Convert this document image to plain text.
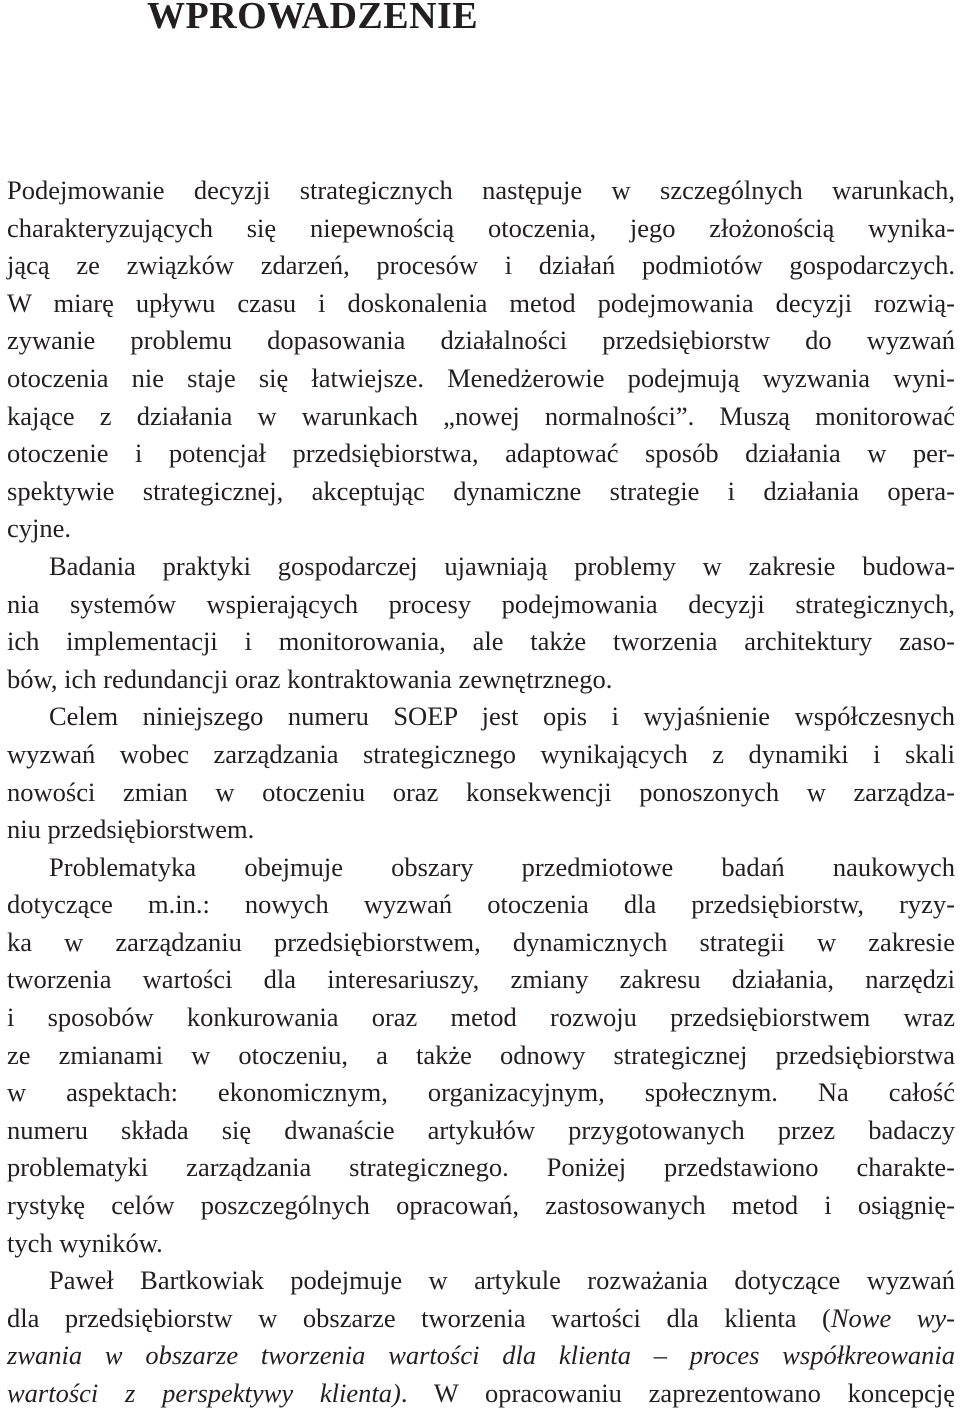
WPROWADZENIE

Podejmowanie decyzji strategicznych następuje w szczególnych warunkach,
charakteryzujących się niepewnością otoczenia, jego złożonością wynika-
jącą ze związków zdarzeń, procesów i działań podmiotów gospodarczych.
W miarę upływu czasu i doskonalenia metod podejmowania decyzji rozwią-
zywanie problemu dopasowania działalności przedsiębiorstw do wyzwań
otoczenia nie staje się łatwiejsze. Menedżerowie podejmują wyzwania wyni-
kające z działania w warunkach „nowej normalności”. Muszą monitorować
otoczenie i potencjał przedsiębiorstwa, adaptować sposób działania w per-
spektywie strategicznej, akceptując dynamiczne strategie i działania opera-
cyjne.

Badania praktyki gospodarczej ujawniają problemy w zakresie budowa-
nia systemów wspierających procesy podejmowania decyzji strategicznych,
ich implementacji i monitorowania, ale także tworzenia architektury zaso-
bów, ich redundancji oraz kontraktowania zewnętrznego.

Celem niniejszego numeru SOEP jest opis i wyjaśnienie współczesnych
wyzwań wobec zarządzania strategicznego wynikających z dynamiki i skali
nowości zmian w otoczeniu oraz konsekwencji ponoszonych w zarządza-
niu przedsiębiorstwem.

Problematyka obejmuje obszary przedmiotowe badań naukowych
dotyczące m.in.: nowych wyzwań otoczenia dla przedsiębiorstw, ryzy-
ka w zarządzaniu przedsiębiorstwem, dynamicznych strategii w zakresie
tworzenia wartości dla interesariuszy, zmiany zakresu działania, narzędzi
i sposobów konkurowania oraz metod rozwoju przedsiębiorstwem wraz
ze zmianami w otoczeniu, a także odnowy strategicznej przedsiębiorstwa
w aspektach: ekonomicznym, organizacyjnym, społecznym. Na całość
numeru składa się dwanaście artykułów przygotowanych przez badaczy
problematyki zarządzania strategicznego. Poniżej przedstawiono charakte-
rystykę celów poszczególnych opracowań, zastosowanych metod i osiągnię-
tych wyników.

Paweł Bartkowiak podejmuje w artykule rozważania dotyczące wyzwań
dla przedsiębiorstw w obszarze tworzenia wartości dla klienta (Nowe wy-
zwania w obszarze tworzenia wartości dla klienta – proces współkreowania
wartości z perspektywy klienta). W opracowaniu zaprezentowano koncepcję
